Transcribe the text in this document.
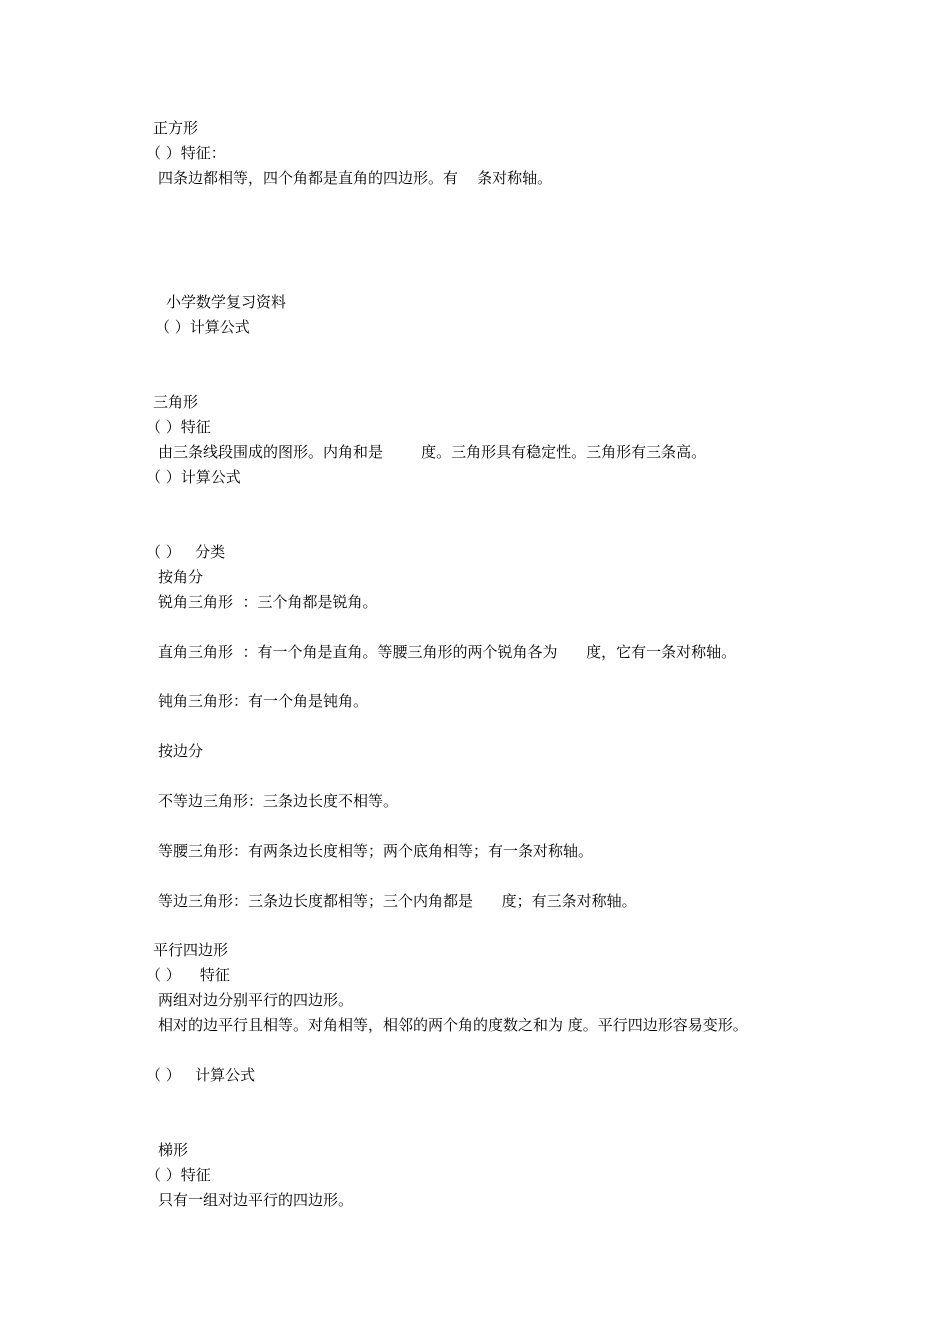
正方形
（ ）特征：
四条边都相等，四个角都是直角的四边形。有    条对称轴。
小学数学复习资料
（ ）计算公式
三角形
（ ）特征
由三条线段围成的图形。内角和是        度。三角形具有稳定性。三角形有三条高。
（ ）计算公式
（ ）   分类
按角分
锐角三角形  ：三个角都是锐角。
直角三角形  ：有一个角是直角。等腰三角形的两个锐角各为      度，它有一条对称轴。
钝角三角形：有一个角是钝角。
按边分
不等边三角形：三条边长度不相等。
等腰三角形：有两条边长度相等；两个底角相等；有一条对称轴。
等边三角形：三条边长度都相等；三个内角都是      度；有三条对称轴。
平行四边形
（ ）    特征
两组对边分别平行的四边形。
相对的边平行且相等。对角相等，相邻的两个角的度数之和为 度。平行四边形容易变形。
（ ）   计算公式
梯形
（ ）特征
只有一组对边平行的四边形。
